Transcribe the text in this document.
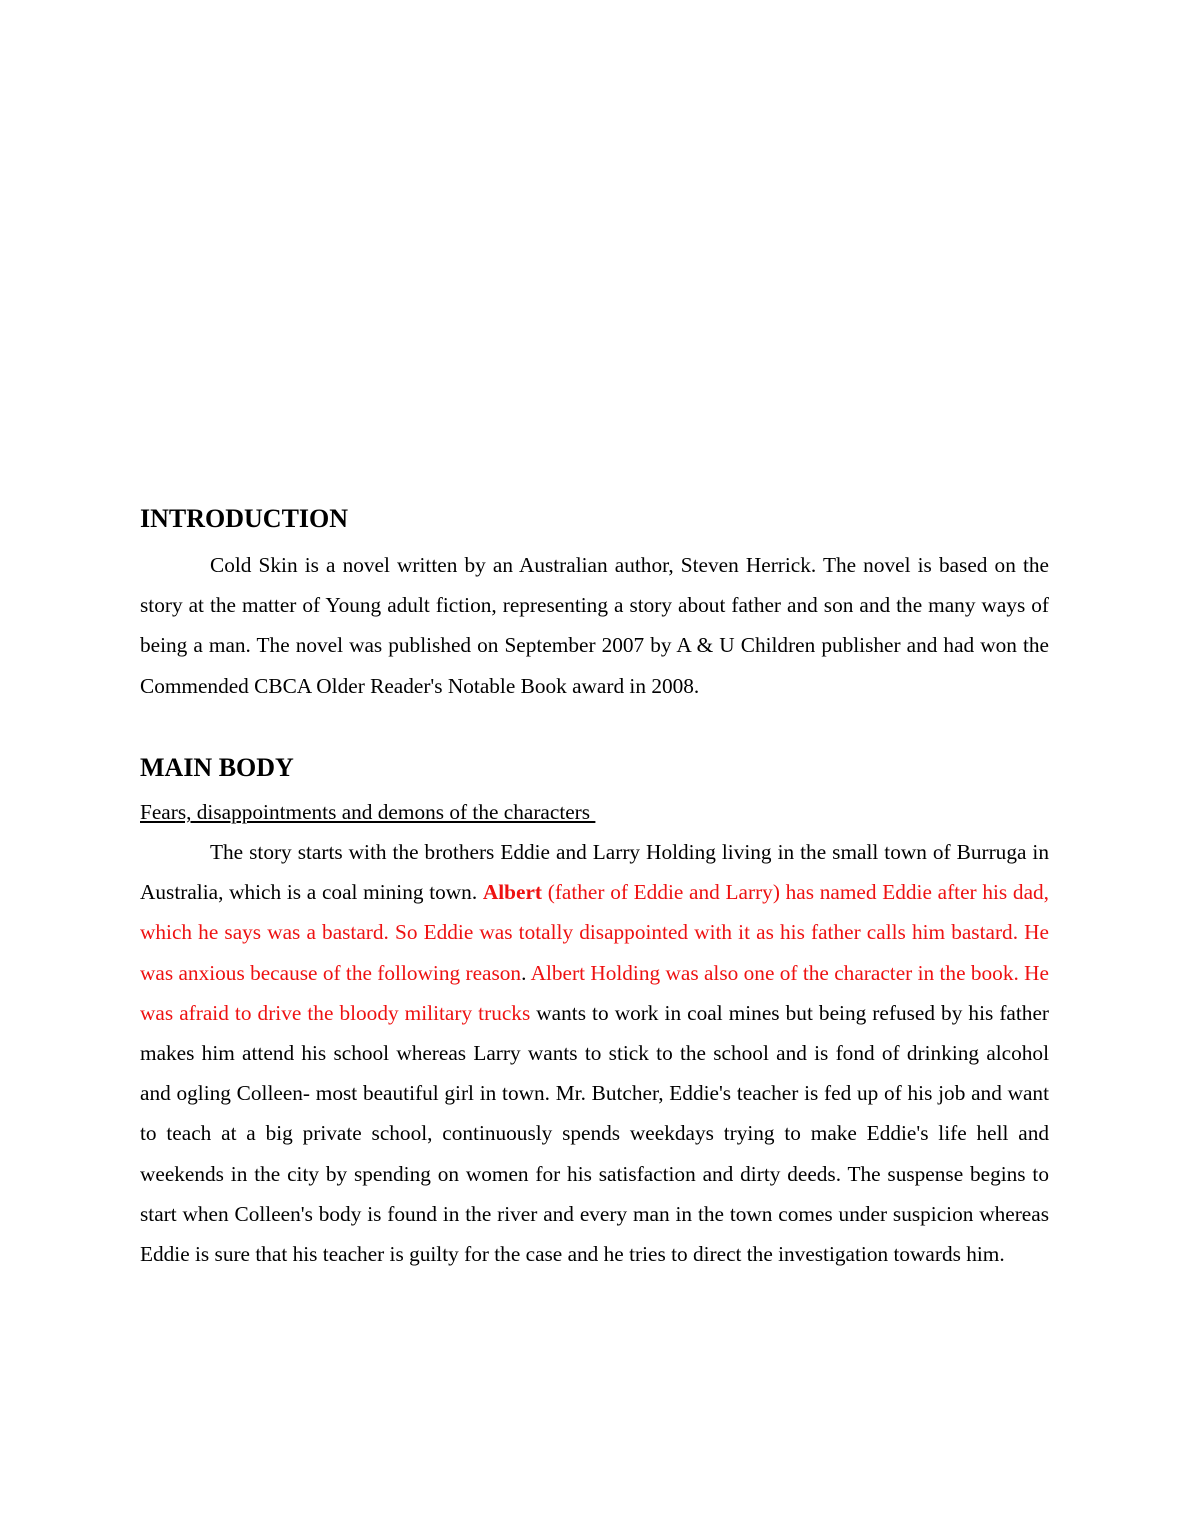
INTRODUCTION

Cold Skin is a novel written by an Australian author, Steven Herrick. The novel is based on the story at the matter of Young adult fiction, representing a story about father and son and the many ways of being a man. The novel was published on September 2007 by A & U Children publisher and had won the Commended CBCA Older Reader's Notable Book award in 2008.

MAIN BODY

Fears, disappointments and demons of the characters

The story starts with the brothers Eddie and Larry Holding living in the small town of Burruga in Australia, which is a coal mining town. Albert (father of Eddie and Larry) has named Eddie after his dad, which he says was a bastard. So Eddie was totally disappointed with it as his father calls him bastard. He was anxious because of the following reason. Albert Holding was also one of the character in the book. He was afraid to drive the bloody military trucks wants to work in coal mines but being refused by his father makes him attend his school whereas Larry wants to stick to the school and is fond of drinking alcohol and ogling Colleen- most beautiful girl in town. Mr. Butcher, Eddie's teacher is fed up of his job and want to teach at a big private school, continuously spends weekdays trying to make Eddie's life hell and weekends in the city by spending on women for his satisfaction and dirty deeds. The suspense begins to start when Colleen's body is found in the river and every man in the town comes under suspicion whereas Eddie is sure that his teacher is guilty for the case and he tries to direct the investigation towards him.
